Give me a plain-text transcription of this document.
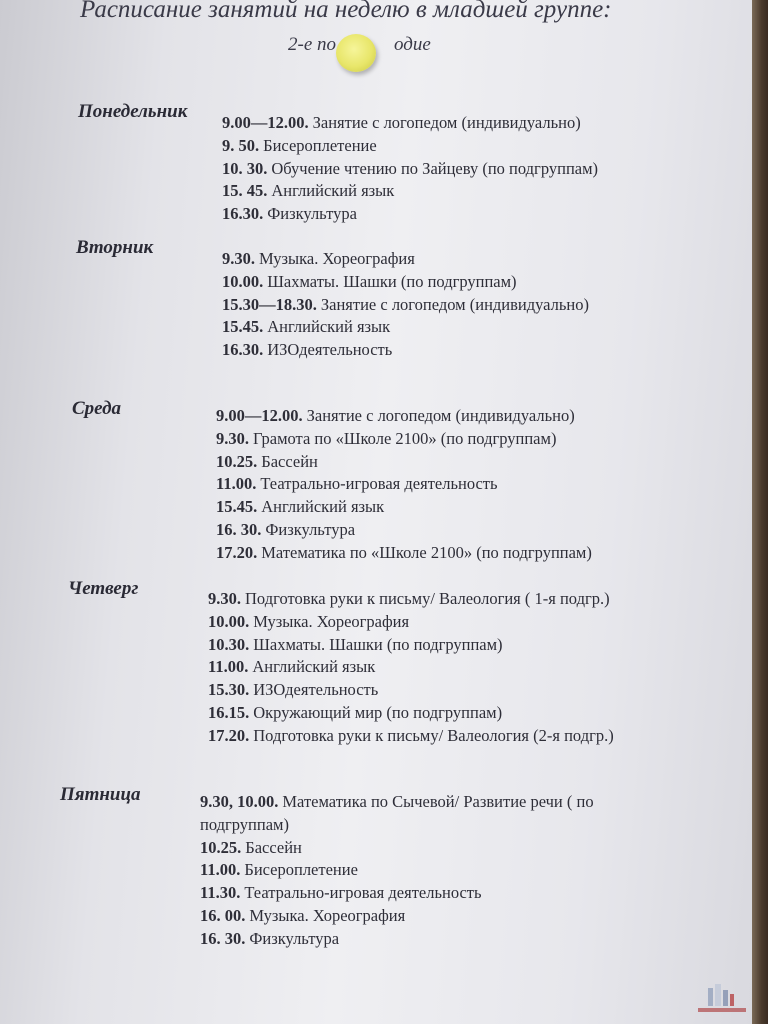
Расписание занятий на неделю в младшей группе:
2-е по	одие
Понедельник
9.00—12.00. Занятие с логопедом (индивидуально)
9. 50. Бисероплетение
10. 30. Обучение чтению по Зайцеву (по подгруппам)
15. 45. Английский язык
16.30. Физкультура
Вторник
9.30. Музыка. Хореография
10.00. Шахматы. Шашки (по подгруппам)
15.30—18.30. Занятие с логопедом (индивидуально)
15.45. Английский язык
16.30. ИЗОдеятельность
Среда	9.00—12.00. Занятие с логопедом (индивидуально)
9.30. Грамота по «Школе 2100» (по подгруппам)
10.25. Бассейн
11.00. Театрально-игровая деятельность
15.45. Английский язык
16. 30. Физкультура
17.20. Математика по «Школе 2100» (по подгруппам)
Четверг	9.30. Подготовка руки к письму/ Валеология ( 1-я подгр.)
10.00. Музыка. Хореография
10.30. Шахматы. Шашки (по подгруппам)
11.00. Английский язык
15.30. ИЗОдеятельность
16.15. Окружающий мир (по подгруппам)
17.20. Подготовка руки к письму/ Валеология (2-я подгр.)
Пятница	9.30, 10.00. Математика по Сычевой/ Развитие речи ( по
подгруппам)
10.25. Бассейн
11.00. Бисероплетение
11.30. Театрально-игровая деятельность
16. 00. Музыка. Хореография
16. 30. Физкультура
